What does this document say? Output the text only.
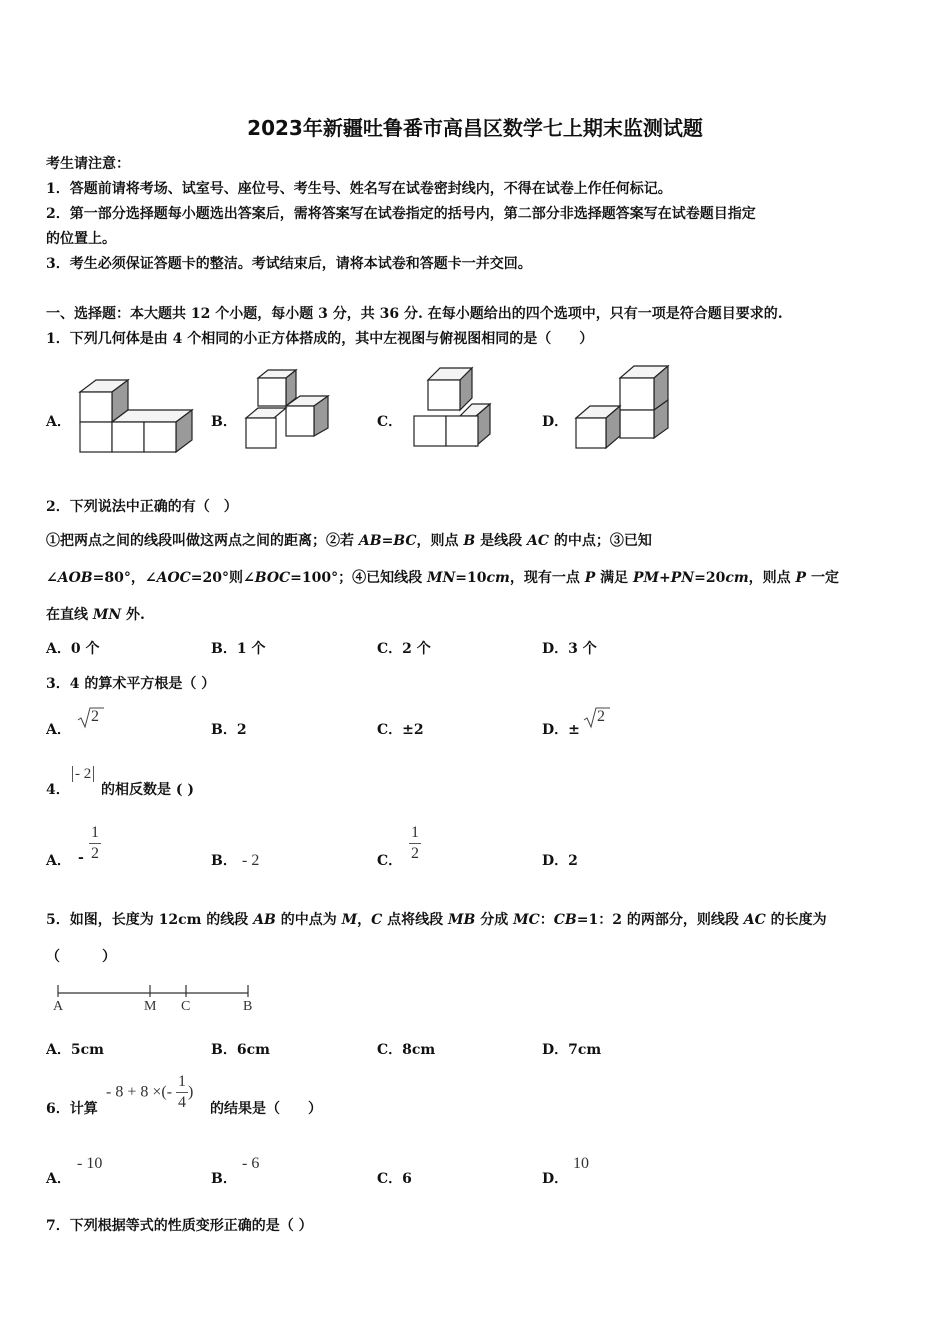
2023年新疆吐鲁番市高昌区数学七上期末监测试题
考生请注意：
1．答题前请将考场、试室号、座位号、考生号、姓名写在试卷密封线内，不得在试卷上作任何标记。
2．第一部分选择题每小题选出答案后，需将答案写在试卷指定的括号内，第二部分非选择题答案写在试卷题目指定
的位置上。
3．考生必须保证答题卡的整洁。考试结束后，请将本试卷和答题卡一并交回。
一、选择题：本大题共 12 个小题，每小题 3 分，共 36 分. 在每小题给出的四个选项中，只有一项是符合题目要求的.
1．下列几何体是由 4 个相同的小正方体搭成的，其中左视图与俯视图相同的是（　　）
A．	B．	C．	D．
2．下列说法中正确的有（　）
①把两点之间的线段叫做这两点之间的距离；②若 AB=BC，则点 B 是线段 AC 的中点；③已知
∠AOB=80°，∠AOC=20°则∠BOC=100°；④已知线段 MN=10cm，现有一点 P 满足 PM+PN=20cm，则点 P 一定
在直线 MN 外.
A．0 个	B．1 个	C．2 个	D．3 个
3．4 的算术平方根是（ ）
A．
2
B．2	C．±2	D．±
2
4．
- 2
的相反数是 ( )
A． - $\frac{1}{2}$	B． - 2	C． $\frac{1}{2}$	D．2
5．如图，长度为 12cm 的线段 AB 的中点为 M，C 点将线段 MB 分成 MC：CB=1：2 的两部分，则线段 AC 的长度为
（　　　）
A	M C	B
A．5cm	B．6cm	C．8cm	D．7cm
6．计算
- 8 + 8 ×(- $\frac{1}{4}$ )
的结果是（　　）
A．
- 10
B．
- 6
C．6	D．
10
7．下列根据等式的性质变形正确的是（ ）
